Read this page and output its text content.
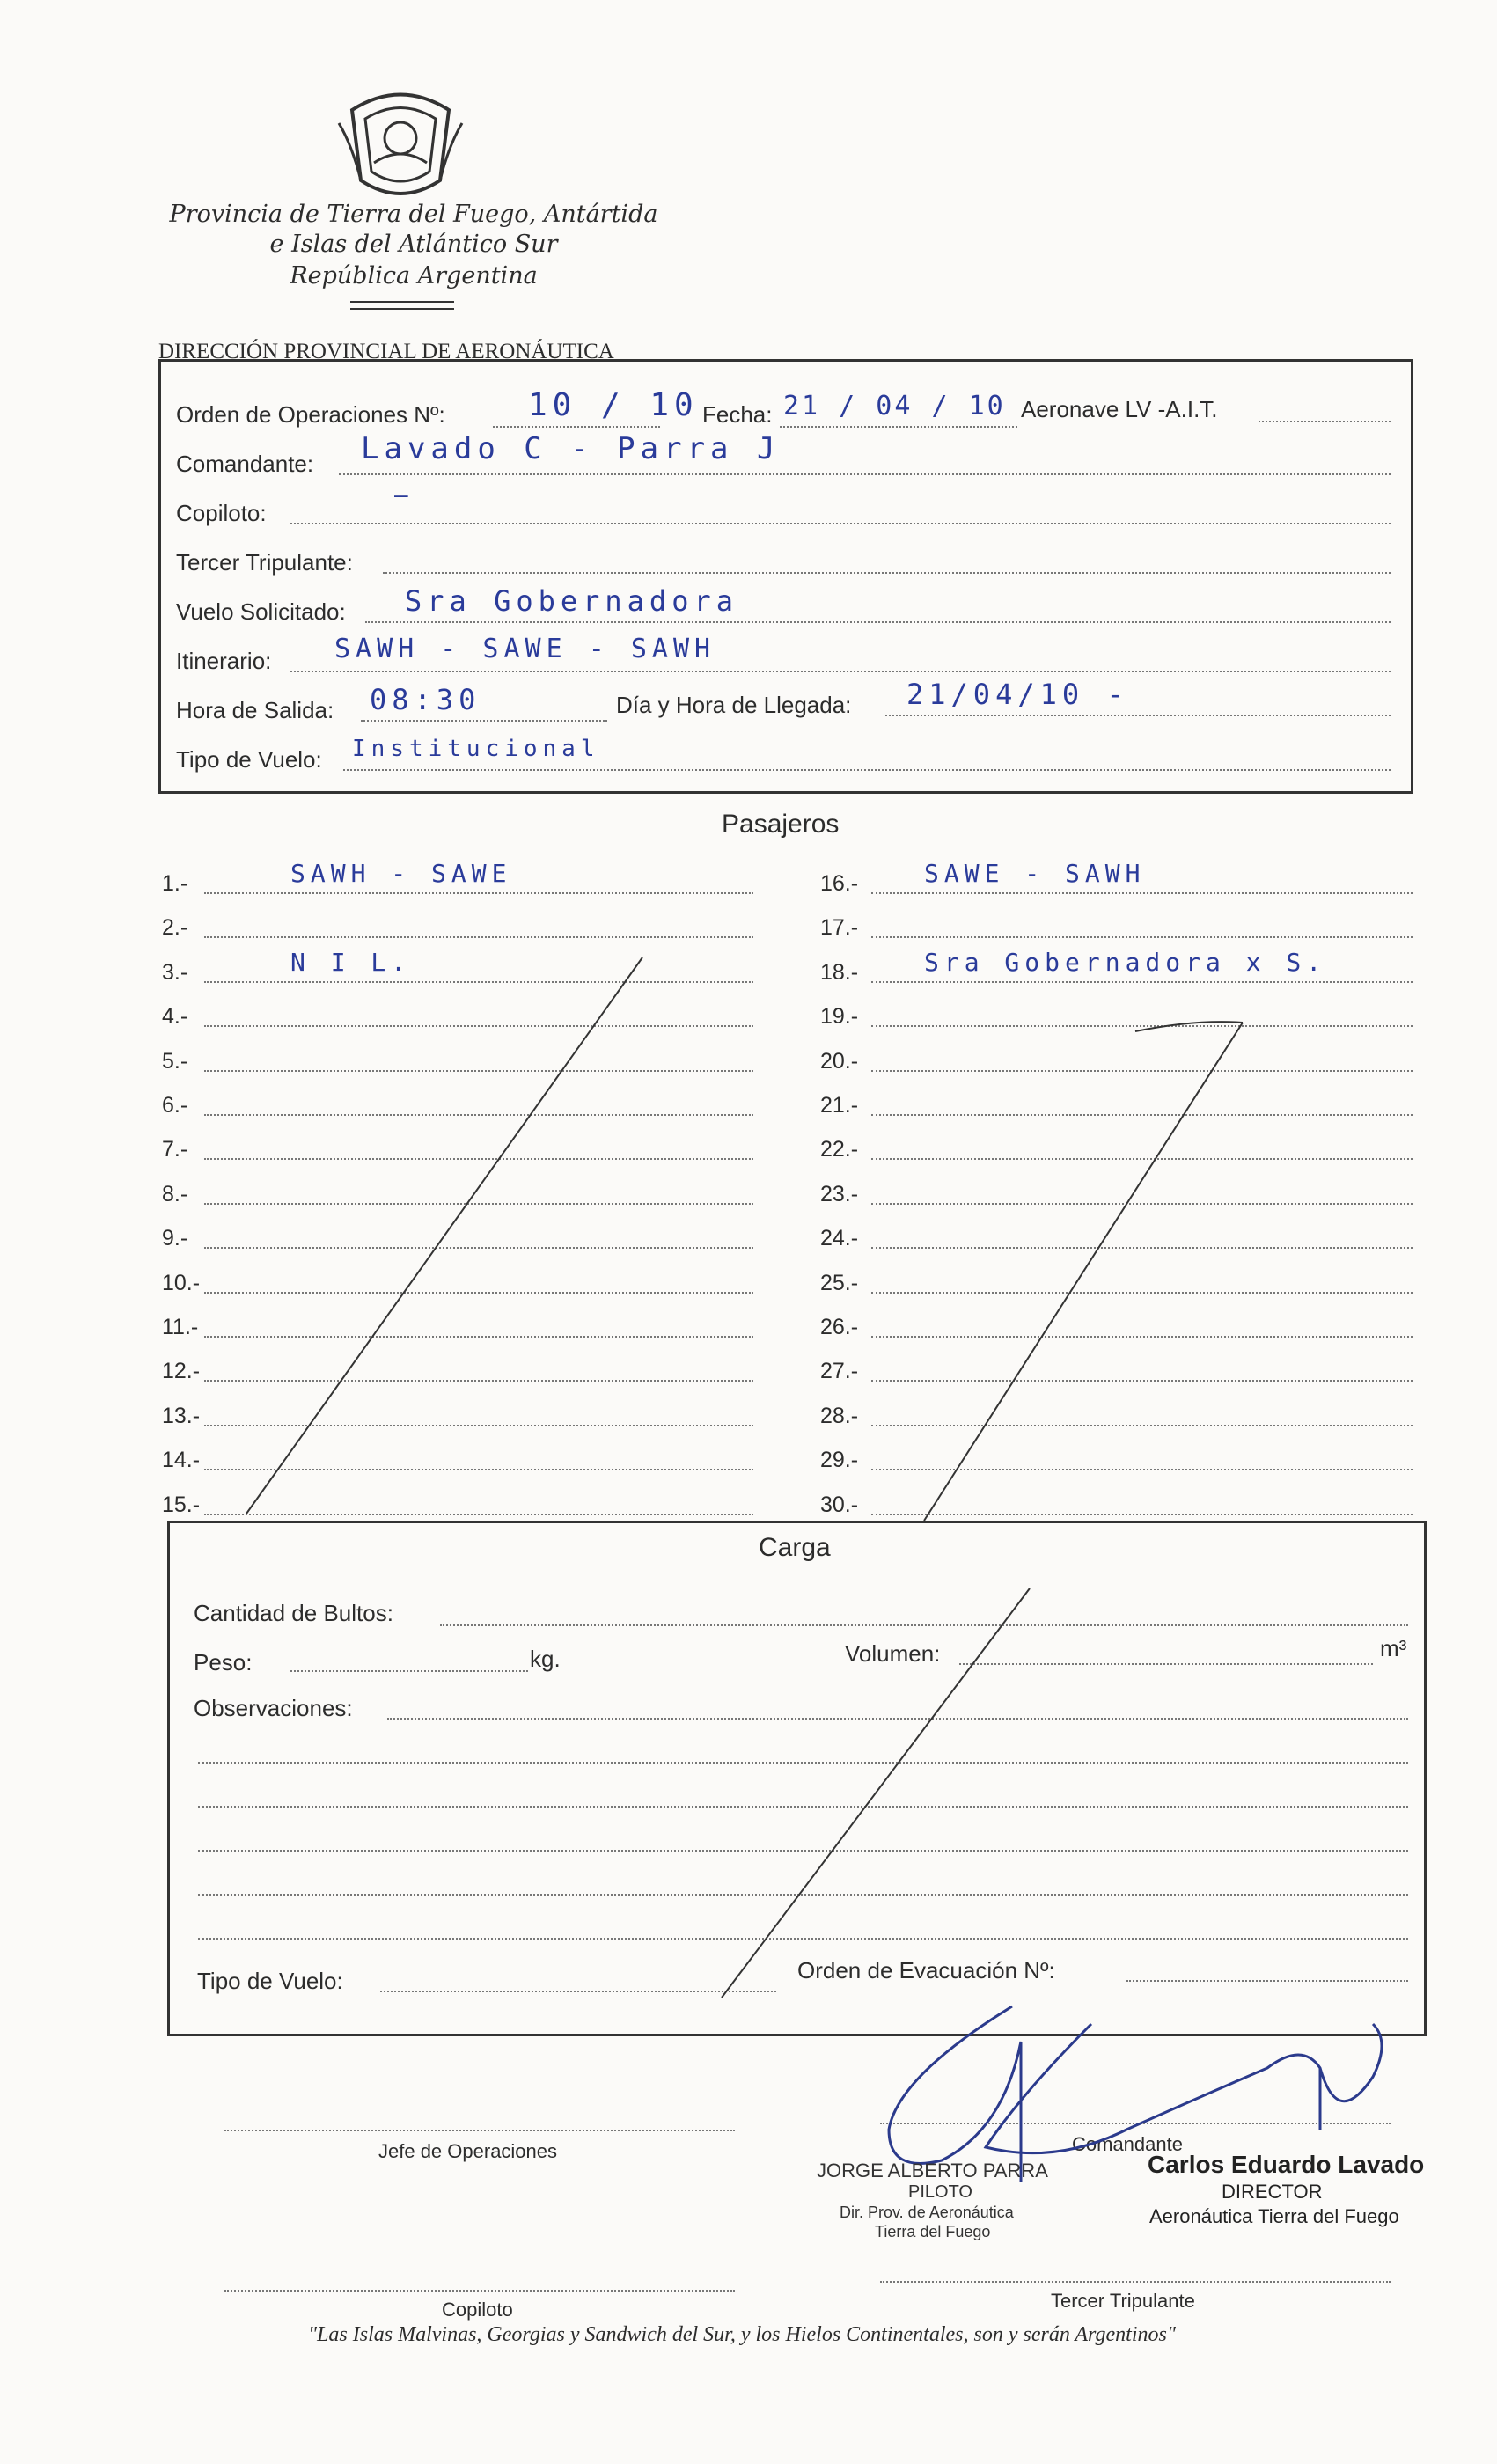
Provincia de Tierra del Fuego, Antártida
e Islas del Atlántico Sur
República Argentina
DIRECCIÓN PROVINCIAL DE AERONÁUTICA
Orden de Operaciones Nº:	10 / 10 Fecha: 21 / 04 / 10 Aeronave LV -A.I.T.
Comandante: Lavado C - Parra J
Copiloto:
–
Tercer Tripulante:
Vuelo Solicitado: Sra Gobernadora
Itinerario: SAWH - SAWE - SAWH
Hora de Salida: 08:30	Día y Hora de Llegada: 21/04/10 -
Tipo de Vuelo: Institucional
Pasajeros
1.-	SAWH - SAWE
2.-
3.-	N I L.
4.-
5.-
6.-
7.-
8.-
9.-
10.-
11.-
12.-
13.-
14.-
15.-
16.-	SAWE - SAWH
17.-
18.-	Sra Gobernadora x S.
19.-
20.-
21.-
22.-
23.-
24.-
25.-
26.-
27.-
28.-
29.-
30.-
Carga
Cantidad de Bultos:
Peso:	kg.	Volumen:	m³
Observaciones:
Tipo de Vuelo:	Orden de Evacuación Nº:
Jefe de Operaciones	Comandante
JORGE ALBERTO PARRA
PILOTO
Dir. Prov. de Aeronáutica
Tierra del Fuego
Carlos Eduardo Lavado
DIRECTOR
Aeronáutica Tierra del Fuego
Copiloto	Tercer Tripulante
"Las Islas Malvinas, Georgias y Sandwich del Sur, y los Hielos Continentales, son y serán Argentinos"
